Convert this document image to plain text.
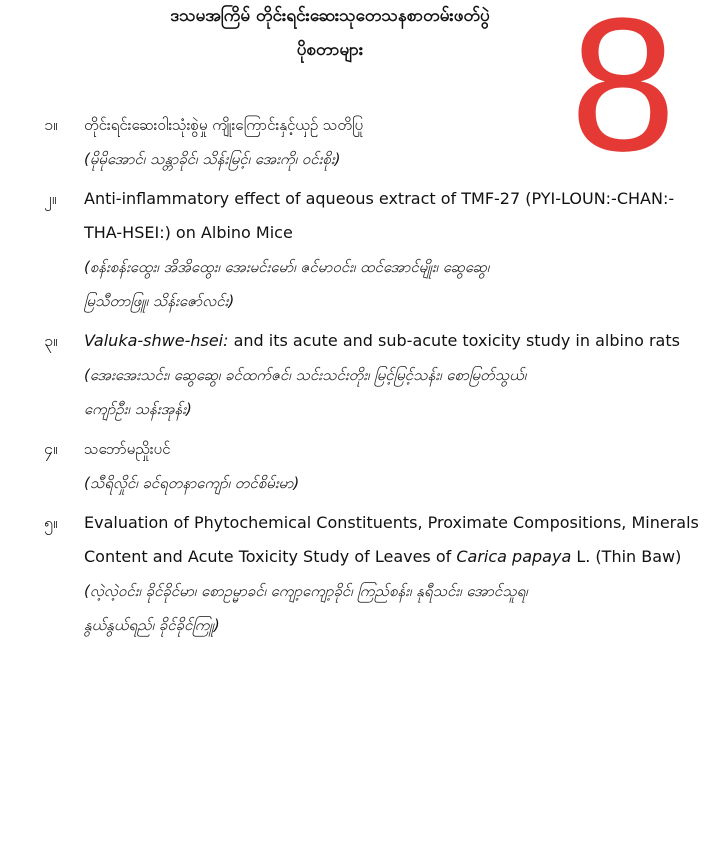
ဒသမအကြိမ် တိုင်းရင်းဆေးသုတေသနစာတမ်းဖတ်ပွဲ
ပိုစတာများ	8
၁။	တိုင်းရင်းဆေးဝါးသုံးစွဲမှု ကျိုးကြောင်းနှင့်ယှဉ် သတိပြု
(မိုမိုအောင်၊ သန္တာခိုင်၊ သိန်းမြင့်၊ အေးကို၊ ဝင်းစိုး)
၂။	Anti-inflammatory effect of aqueous extract of TMF-27 (PYI-LOUN:-CHAN:-
THA-HSEI:) on Albino Mice
(စန်းစန်းထွေး၊ အိအိထွေး၊ အေးမင်းမော်၊ ဇင်မာဝင်း၊ ထင်အောင်မျိုး၊ ဆွေဆွေ၊
မြသီတာဖြူ၊ သိန်းဇော်လင်း)
၃။	Valuka-shwe-hsei: and its acute and sub-acute toxicity study in albino rats
(အေးအေးသင်း၊ ဆွေဆွေ၊ ခင်ထက်ဇင်၊ သင်းသင်းတိုး၊ မြင့်မြင့်သန်း၊ စောမြတ်သွယ်၊
ကျော်ဦး၊ သန်းအုန်း)
၄။	သဘော်မညှိုးပင်
(သီရိလှိုင်၊ ခင်ရတနာကျော်၊ တင်စိမ်းမာ)
၅။	Evaluation of Phytochemical Constituents, Proximate Compositions, Minerals
Content and Acute Toxicity Study of Leaves of Carica papaya L. (Thin Baw)
(လဲ့လဲ့ဝင်း၊ ခိုင်ခိုင်မာ၊ စောဥမ္မာခင်၊ ကျော့ကျော့ခိုင်၊ ကြည်စန်း၊ နုရီသင်း၊ အောင်သူရ၊
နွယ်နွယ်ရည်၊ ခိုင်ခိုင်ကြူ)
